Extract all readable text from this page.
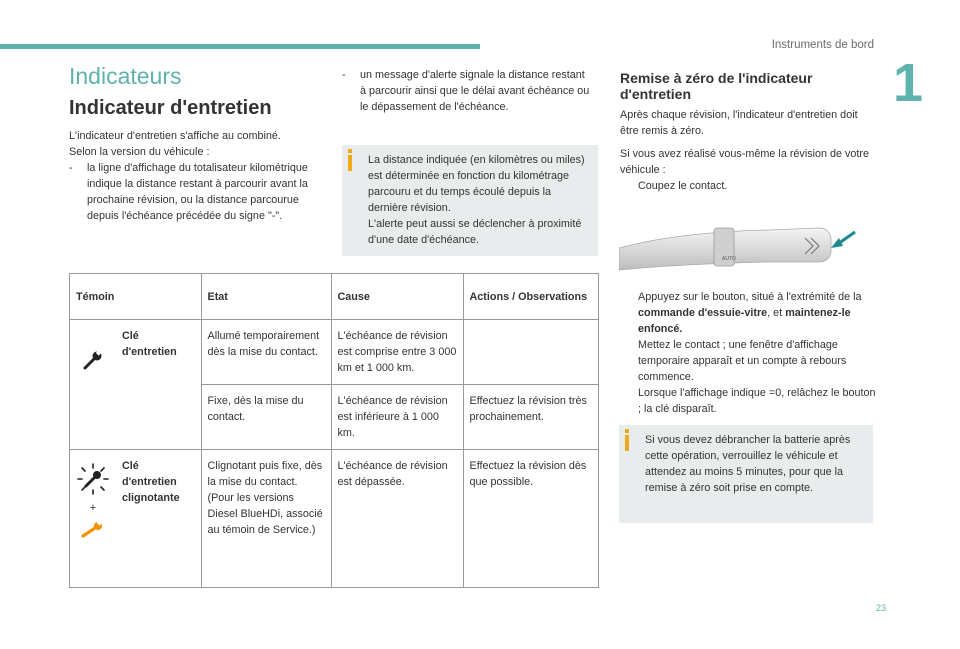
Instruments de bord
1
23
Indicateurs
Indicateur d'entretien
L'indicateur d'entretien s'affiche au combiné.
Selon la version du véhicule :
-	la ligne d'affichage du totalisateur kilométrique indique la distance restant à parcourir avant la prochaine révision, ou la distance parcourue depuis l'échéance précédée du signe "-".
-	un message d'alerte signale la distance restant à parcourir ainsi que le délai avant échéance ou le dépassement de l'échéance.
La distance indiquée (en kilomètres ou miles) est déterminée en fonction du kilométrage parcouru et du temps écoulé depuis la dernière révision.
L'alerte peut aussi se déclencher à proximité d'une date d'échéance.
Témoin		Etat	Cause	Actions / Observations

	Clé d'entretien	Allumé temporairement dès la mise du contact.	L'échéance de révision est comprise entre 3 000 km et 1 000 km.	
		Fixe, dès la mise du contact.	L'échéance de révision est inférieure à 1 000 km.	Effectuez la révision très prochainement.

+	Clé d'entretien clignotante	Clignotant puis fixe, dès la mise du contact. (Pour les versions Diesel BlueHDi, associé au témoin de Service.)	L'échéance de révision est dépassée.	Effectuez la révision dès que possible.
Remise à zéro de l'indicateur d'entretien
Après chaque révision, l'indicateur d'entretien doit être remis à zéro.
Si vous avez réalisé vous-même la révision de votre véhicule :
Coupez le contact.
AUTO
Appuyez sur le bouton, situé à l'extrémité de la commande d'essuie-vitre, et maintenez-le enfoncé.
Mettez le contact ; une fenêtre d'affichage temporaire apparaît et un compte à rebours commence.
Lorsque l'affichage indique =0, relâchez le bouton ; la clé disparaît.
Si vous devez débrancher la batterie après cette opération, verrouillez le véhicule et attendez au moins 5 minutes, pour que la remise à zéro soit prise en compte.
